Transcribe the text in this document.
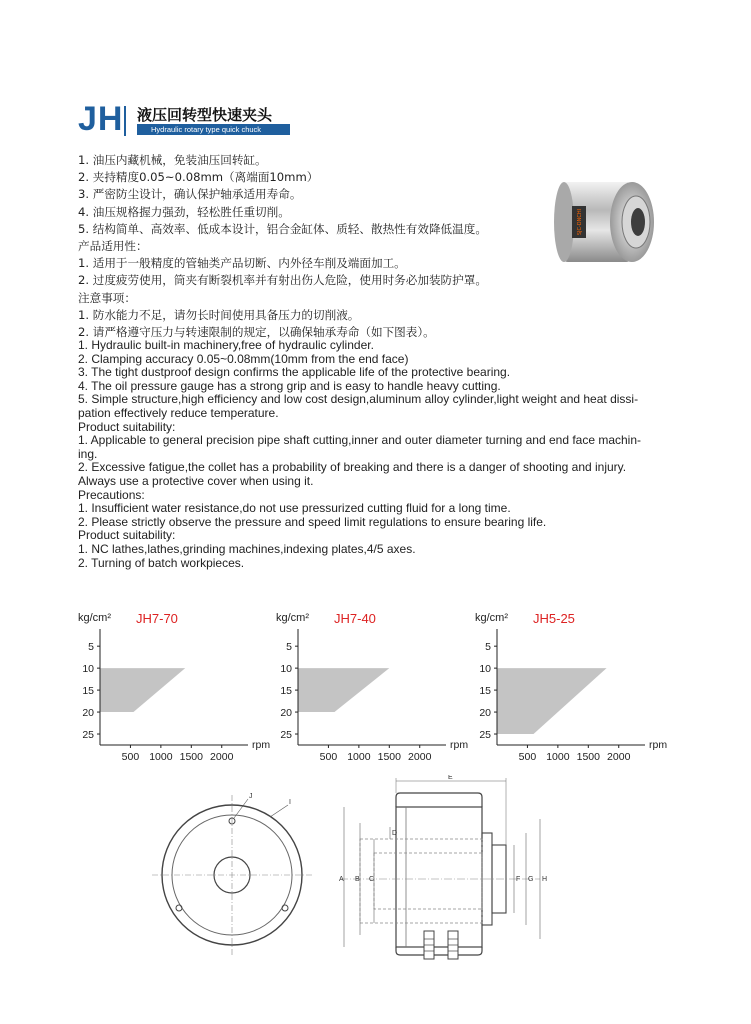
JH 液压回转型快速夹头
Hydraulic rotary type quick chuck
1. 油压内藏机械，免装油压回转缸。
2. 夹持精度0.05~0.08mm（离端面10mm）
3. 严密防尘设计，确认保护轴承适用寿命。
4. 油压规格握力强劲，轻松胜任重切削。
5. 结构简单、高效率、低成本设计，铝合金缸体、质轻、散热性有效降低温度。
产品适用性：
1. 适用于一般精度的管轴类产品切断、内外径车削及端面加工。
2. 过度疲劳使用，筒夹有断裂机率并有射出伤人危险，使用时务必加装防护罩。
注意事项：
1. 防水能力不足，请勿长时间使用具备压力的切削液。
2. 请严格遵守压力与转速限制的规定，以确保轴承寿命（如下图表）。
SJC-DNCHI
1. Hydraulic built-in machinery,free of hydraulic cylinder.
2. Clamping accuracy 0.05~0.08mm(10mm from the end face)
3. The tight dustproof design confirms the applicable life of the protective bearing.
4. The oil pressure gauge has a strong grip and is easy to handle heavy cutting.
5. Simple structure,high efficiency and low cost design,aluminum alloy cylinder,light weight and heat dissi-
pation effectively reduce temperature.
Product suitability:
1. Applicable to general precision pipe shaft cutting,inner and outer diameter turning and end face machin-
ing.
2. Excessive fatigue,the collet has a probability of breaking and there is a danger of shooting and injury.
Always use a protective cover when using it.
Precautions:
1. Insufficient water resistance,do not use pressurized cutting fluid for a long time.
2. Please strictly observe the pressure and speed limit regulations to ensure bearing life.
Product suitability:
1. NC lathes,lathes,grinding machines,indexing plates,4/5 axes.
2. Turning of batch workpieces.
kg/cm² JH7-70
5
10
15
20
25
500 1000 1500 2000
rpm
kg/cm² JH7-40
5
10
15
20
25
500 1000 1500 2000
rpm
kg/cm² JH5-25
5
10
15
20
25
500 1000 1500 2000
rpm
J
I
E
D
A B C	F G H
